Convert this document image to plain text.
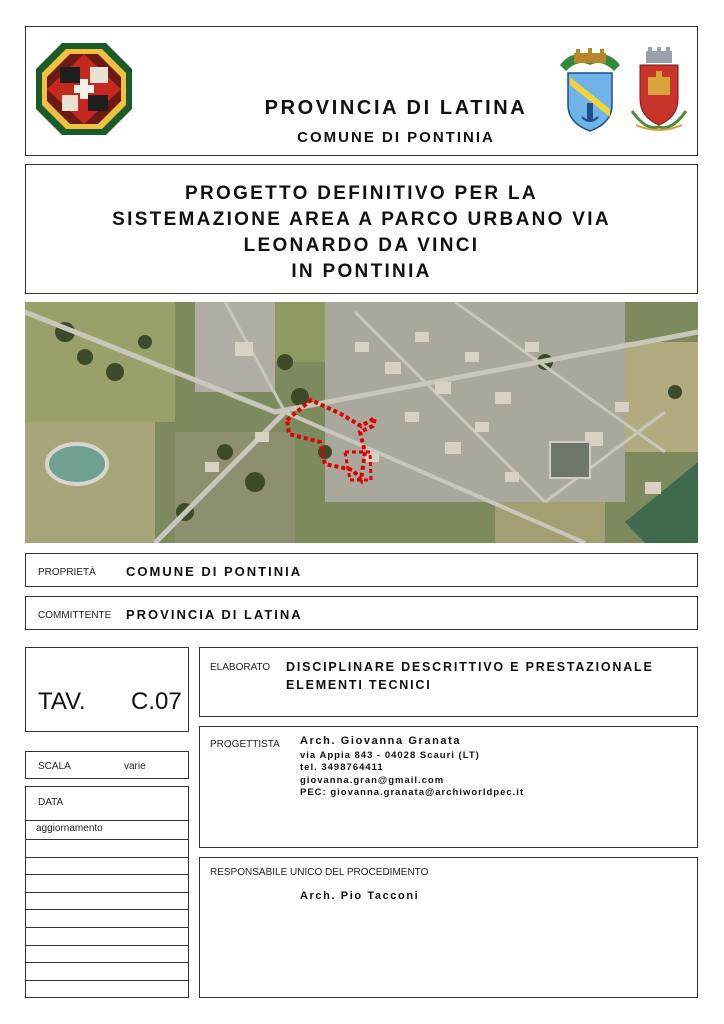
PROVINCIA DI LATINA
COMUNE DI PONTINIA
PROGETTO DEFINITIVO PER LA
SISTEMAZIONE AREA A PARCO URBANO VIA
LEONARDO DA VINCI
IN PONTINIA
PROPRIETÀ COMUNE DI PONTINIA
COMMITTENTE PROVINCIA DI LATINA
TAV. C.07
ELABORATO DISCIPLINARE DESCRITTIVO E PRESTAZIONALE
ELEMENTI TECNICI
SCALA	varie
DATA
aggiornamento
PROGETTISTA Arch. Giovanna Granata
via Appia 843 - 04028 Scauri (LT)
tel. 3498764411
giovanna.gran@gmail.com
PEC: giovanna.granata@archiworldpec.it
RESPONSABILE UNICO DEL PROCEDIMENTO
Arch. Pio Tacconi
